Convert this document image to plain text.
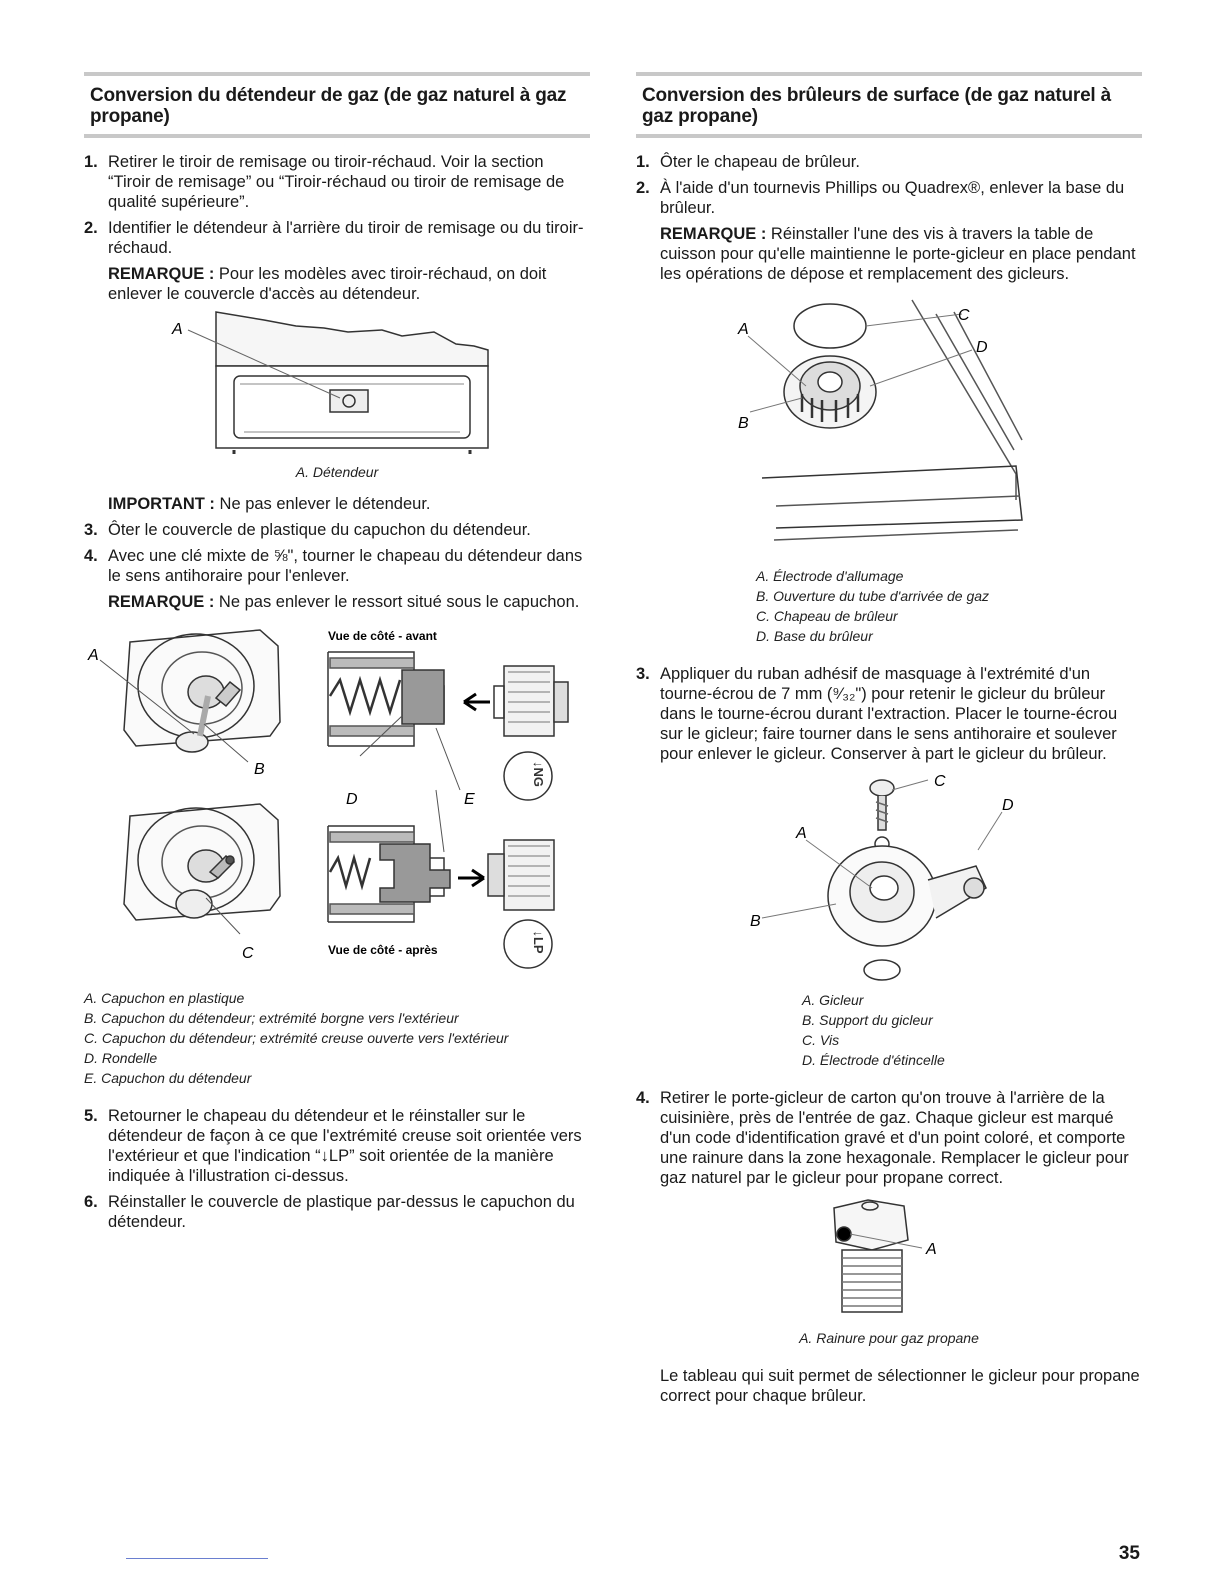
Conversion du détendeur de gaz (de gaz naturel à gaz propane)
1. Retirer le tiroir de remisage ou tiroir-réchaud. Voir la section “Tiroir de remisage” ou “Tiroir-réchaud ou tiroir de remisage de qualité supérieure”.
2. Identifier le détendeur à l'arrière du tiroir de remisage ou du tiroir-réchaud.
REMARQUE : Pour les modèles avec tiroir-réchaud, on doit enlever le couvercle d'accès au détendeur.
A
A. Détendeur
IMPORTANT : Ne pas enlever le détendeur.
3. Ôter le couvercle de plastique du capuchon du détendeur.
4. Avec une clé mixte de ⅝", tourner le chapeau du détendeur dans le sens antihoraire pour l'enlever.
REMARQUE : Ne pas enlever le ressort situé sous le capuchon.
↓NG
↓LP
A
B
C
D	E
Vue de côté - avant
Vue de côté - après
A. Capuchon en plastique
B. Capuchon du détendeur; extrémité borgne vers l'extérieur
C. Capuchon du détendeur; extrémité creuse ouverte vers l'extérieur
D. Rondelle
E. Capuchon du détendeur
5. Retourner le chapeau du détendeur et le réinstaller sur le détendeur de façon à ce que l'extrémité creuse soit orientée vers l'extérieur et que l'indication “↓LP” soit orientée de la manière indiquée à l'illustration ci-dessus.
6. Réinstaller le couvercle de plastique par-dessus le capuchon du détendeur.
Conversion des brûleurs de surface (de gaz naturel à gaz propane)
1. Ôter le chapeau de brûleur.
2. À l'aide d'un tournevis Phillips ou Quadrex®, enlever la base du brûleur.
REMARQUE : Réinstaller l'une des vis à travers la table de cuisson pour qu'elle maintienne le porte-gicleur en place pendant les opérations de dépose et remplacement des gicleurs.
A
B
C
D
A. Électrode d'allumage
B. Ouverture du tube d'arrivée de gaz
C. Chapeau de brûleur
D. Base du brûleur
3. Appliquer du ruban adhésif de masquage à l'extrémité d'un tourne-écrou de 7 mm (⁹⁄₃₂") pour retenir le gicleur du brûleur dans le tourne-écrou durant l'extraction. Placer le tourne-écrou sur le gicleur; faire tourner dans le sens antihoraire et soulever pour enlever le gicleur. Conserver à part le gicleur du brûleur.
A
B
C
D
A. Gicleur
B. Support du gicleur
C. Vis
D. Électrode d'étincelle
4. Retirer le porte-gicleur de carton qu'on trouve à l'arrière de la cuisinière, près de l'entrée de gaz. Chaque gicleur est marqué d'un code d'identification gravé et d'un point coloré, et comporte une rainure dans la zone hexagonale. Remplacer le gicleur pour gaz naturel par le gicleur pour propane correct.
A
A. Rainure pour gaz propane
Le tableau qui suit permet de sélectionner le gicleur pour propane correct pour chaque brûleur.
35
